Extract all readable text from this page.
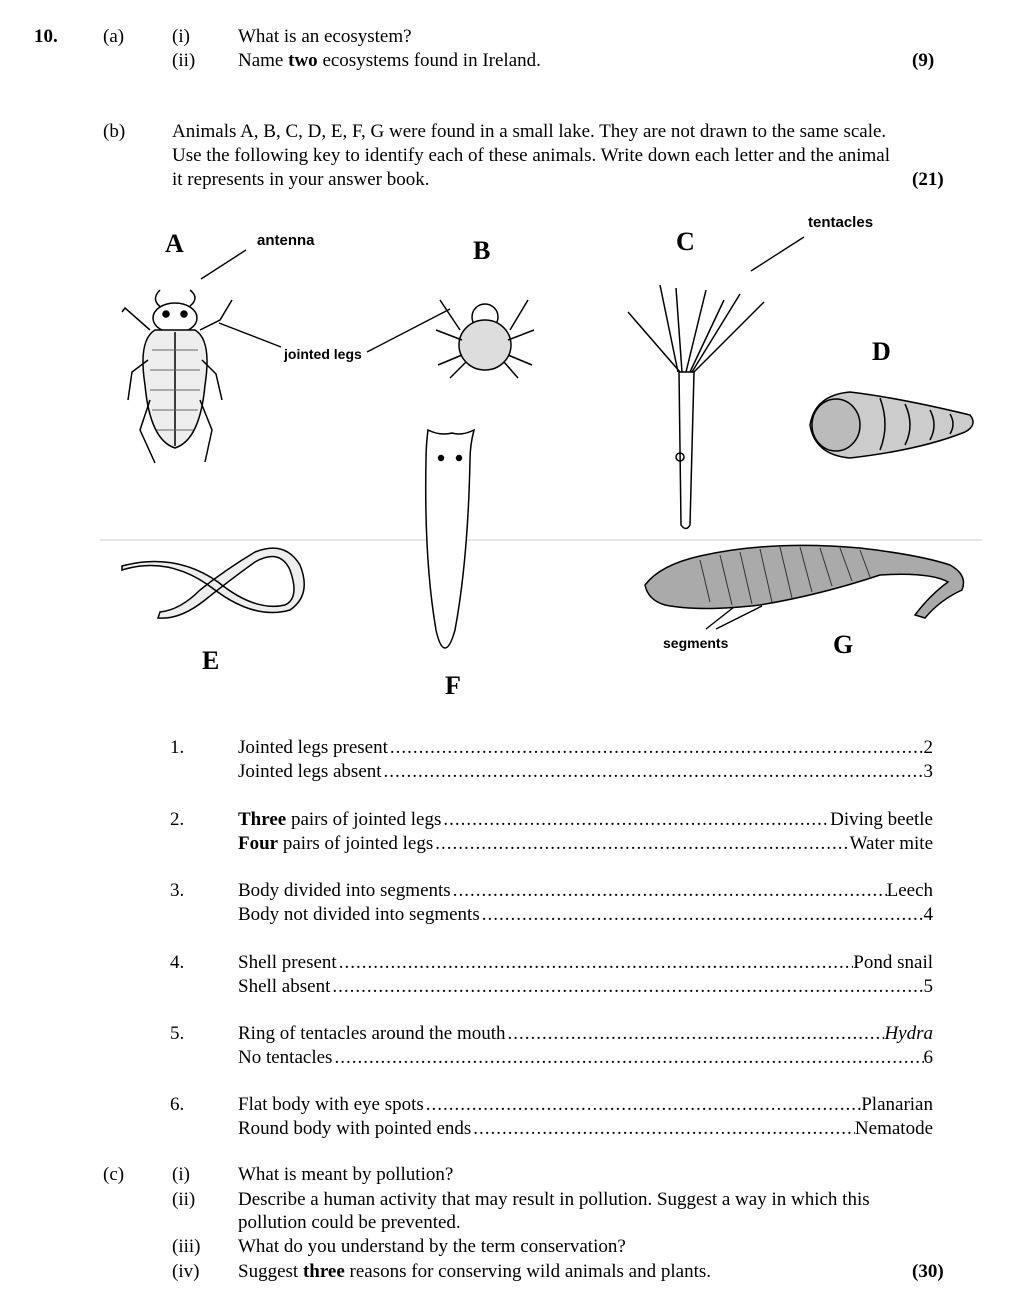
10. (a)	(i)	What is an ecosystem?
(ii) Name two ecosystems found in Ireland.	(9)
(b) Animals A, B, C, D, E, F, G were found in a small lake. They are not drawn to the same scale.
Use the following key to identify each of these animals. Write down each letter and the animal
it represents in your answer book.	(21)
A	B	C
D
E
F
G
antenna
jointed legs
tentacles
segments
1.	Jointed legs present .....	2
Jointed legs absent .....	3
2.	Three pairs of jointed legs .....	Diving beetle
Four pairs of jointed legs .....	Water mite
3.	Body divided into segments .....	Leech
Body not divided into segments .....	4
4.	Shell present .....	Pond snail
Shell absent .....	5
5.	Ring of tentacles around the mouth .....	Hydra
No tentacles .....	6
6.	Flat body with eye spots .....	Planarian
Round body with pointed ends .....	Nematode
(c)	(i)	What is meant by pollution?
(ii) Describe a human activity that may result in pollution. Suggest a way in which this
pollution could be prevented.
(iii) What do you understand by the term conservation?
(iv) Suggest three reasons for conserving wild animals and plants.	(30)
